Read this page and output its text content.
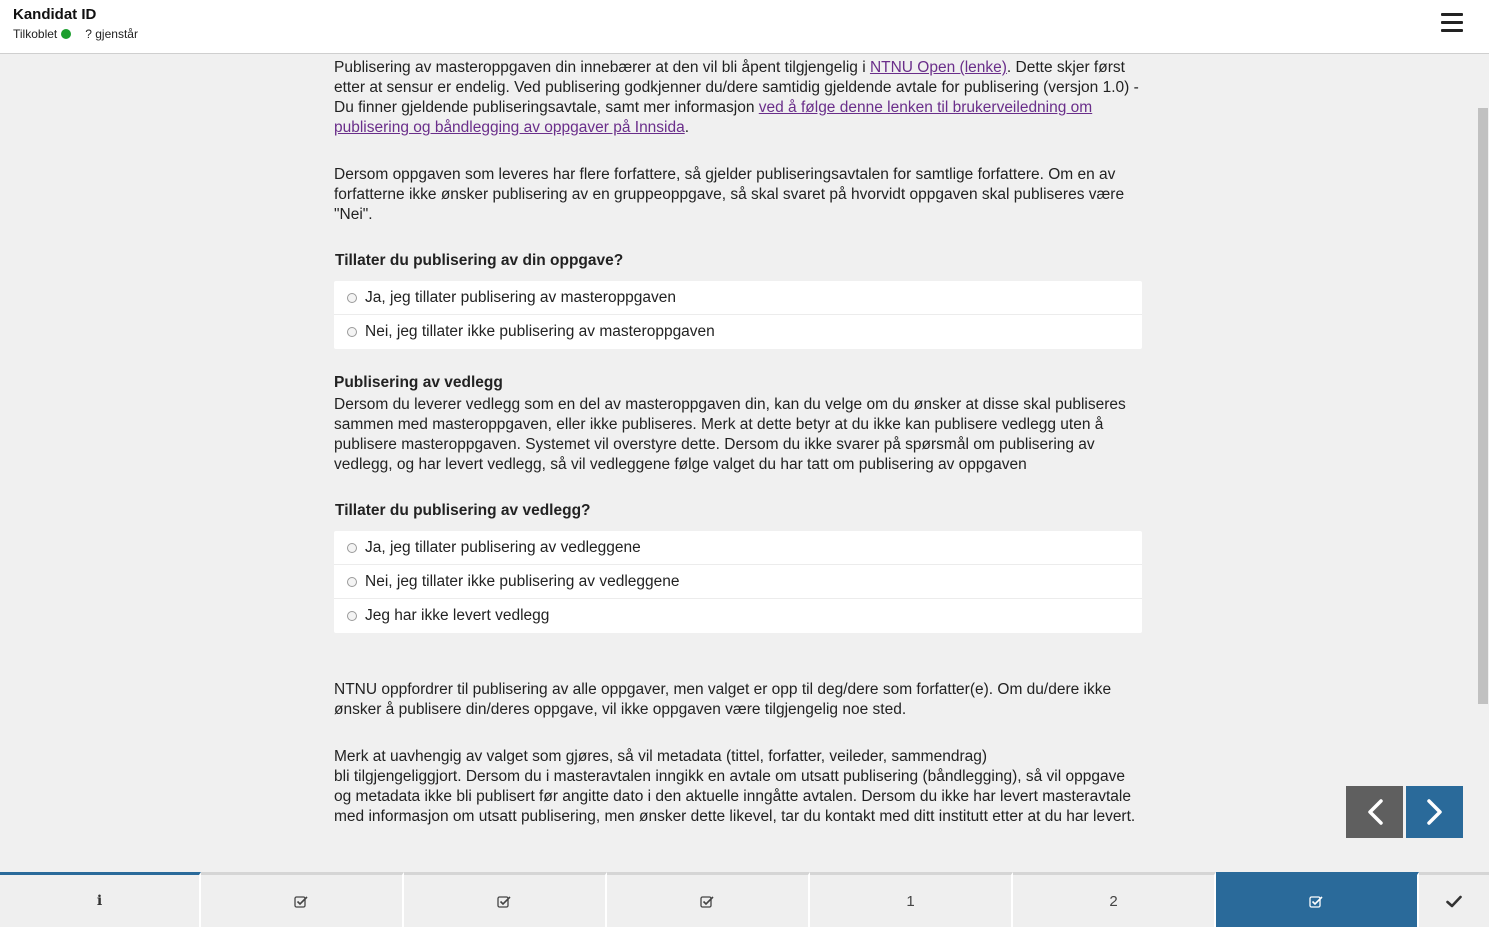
Kandidat ID
Tilkoblet ? gjenstår

Publisering av masteroppgaven din innebærer at den vil bli åpent tilgjengelig i NTNU Open (lenke). Dette skjer først etter at sensur er endelig. Ved publisering godkjenner du/dere samtidig gjeldende avtale for publisering (versjon 1.0) - Du finner gjeldende publiseringsavtale, samt mer informasjon ved å følge denne lenken til brukerveiledning om publisering og båndlegging av oppgaver på Innsida.

Dersom oppgaven som leveres har flere forfattere, så gjelder publiseringsavtalen for samtlige forfattere. Om en av forfatterne ikke ønsker publisering av en gruppeoppgave, så skal svaret på hvorvidt oppgaven skal publiseres være "Nei".

Tillater du publisering av din oppgave?
Ja, jeg tillater publisering av masteroppgaven
Nei, jeg tillater ikke publisering av masteroppgaven
Publisering av vedlegg

Dersom du leverer vedlegg som en del av masteroppgaven din, kan du velge om du ønsker at disse skal publiseres sammen med masteroppgaven, eller ikke publiseres. Merk at dette betyr at du ikke kan publisere vedlegg uten å publisere masteroppgaven. Systemet vil overstyre dette. Dersom du ikke svarer på spørsmål om publisering av vedlegg, og har levert vedlegg, så vil vedleggene følge valget du har tatt om publisering av oppgaven

Tillater du publisering av vedlegg?
Ja, jeg tillater publisering av vedleggene
Nei, jeg tillater ikke publisering av vedleggene
Jeg har ikke levert vedlegg

NTNU oppfordrer til publisering av alle oppgaver, men valget er opp til deg/dere som forfatter(e). Om du/dere ikke ønsker å publisere din/deres oppgave, vil ikke oppgaven være tilgjengelig noe sted.

Merk at uavhengig av valget som gjøres, så vil metadata (tittel, forfatter, veileder, sammendrag)
bli tilgjengeliggjort. Dersom du i masteravtalen inngikk en avtale om utsatt publisering (båndlegging), så vil oppgave og metadata ikke bli publisert før angitte dato i den aktuelle inngåtte avtalen. Dersom du ikke har levert masteravtale med informasjon om utsatt publisering, men ønsker dette likevel, tar du kontakt med ditt institutt etter at du har levert.

i	1	2
